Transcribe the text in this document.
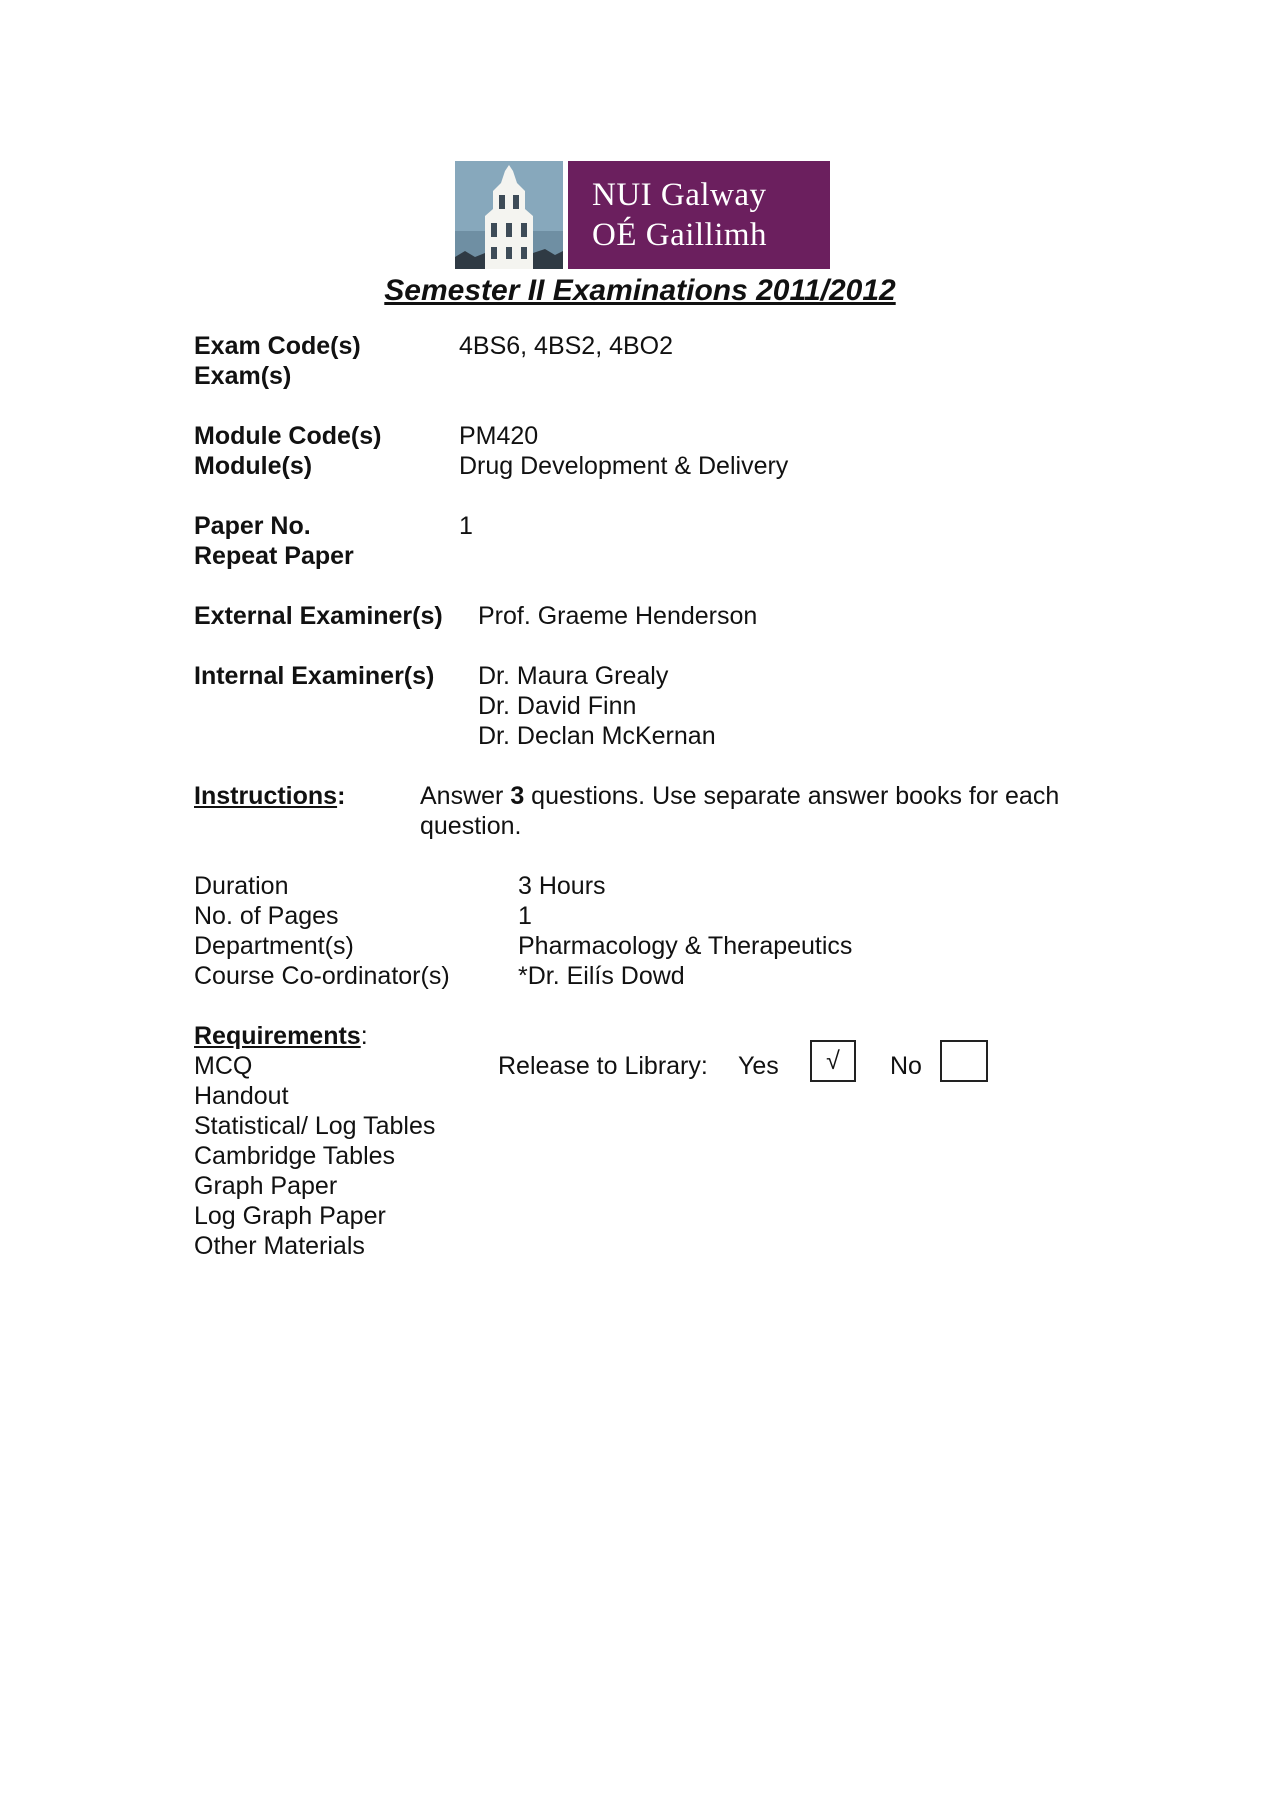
NUI Galway
OÉ Gaillimh
Semester II Examinations 2011/2012
Exam Code(s)	4BS6, 4BS2, 4BO2
Exam(s)
Module Code(s)	PM420
Module(s)	Drug Development & Delivery
Paper No.	1
Repeat Paper
External Examiner(s) Prof. Graeme Henderson
Internal Examiner(s) Dr. Maura Grealy
Dr. David Finn
Dr. Declan McKernan
Instructions:	Answer 3 questions. Use separate answer books for each
question.
Duration	3 Hours
No. of Pages	1
Department(s)	Pharmacology & Therapeutics
Course Co-ordinator(s)	*Dr. Eilís Dowd
Requirements:
MCQ
Handout
Statistical/ Log Tables
Cambridge Tables
Graph Paper
Log Graph Paper
Other Materials
Release to Library: Yes	√	No
